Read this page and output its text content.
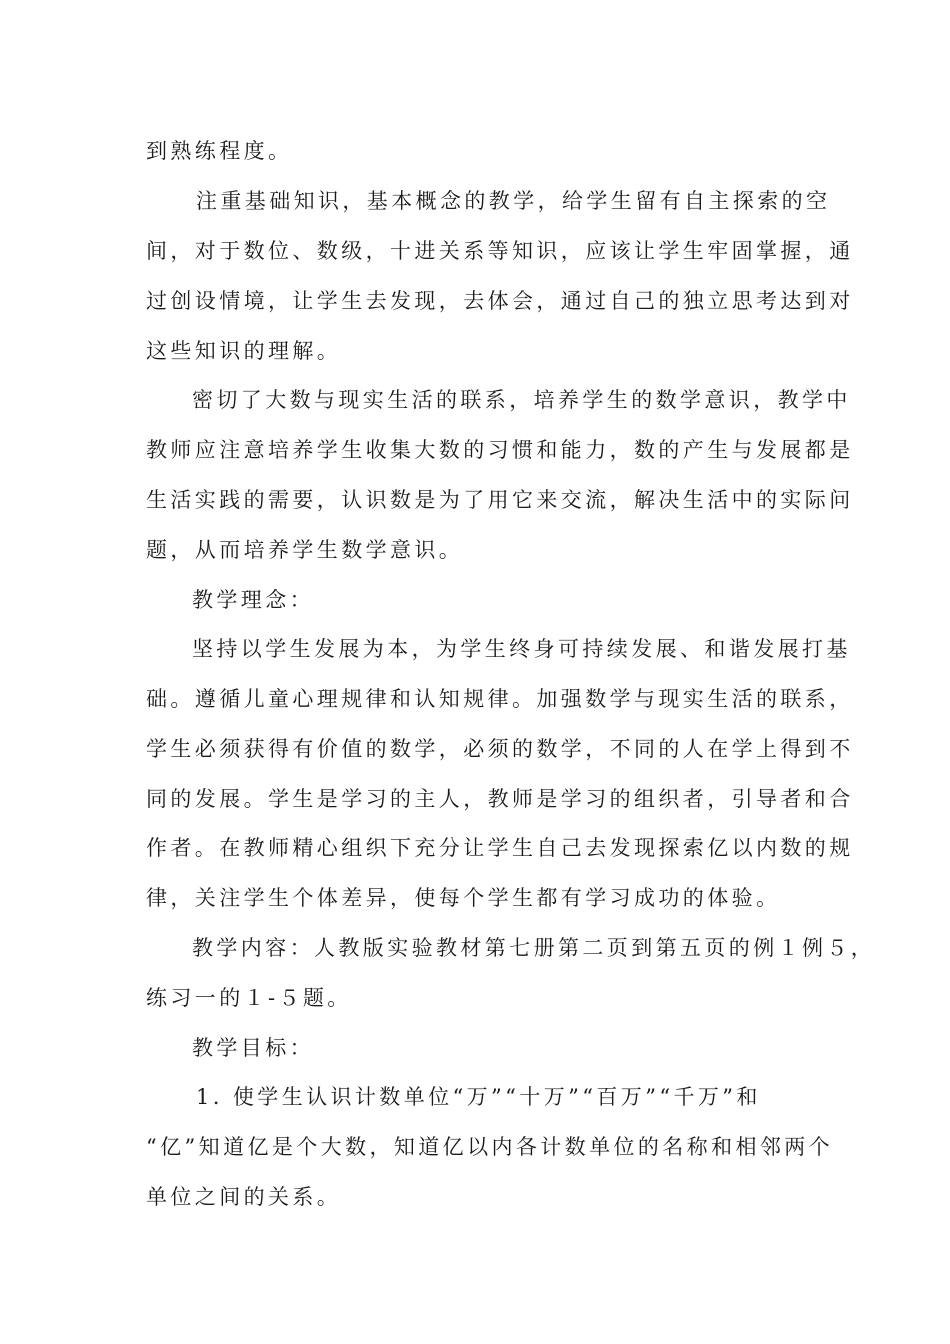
到熟练程度。
注重基础知识，基本概念的教学，给学生留有自主探索的空
间，对于数位、数级，十进关系等知识，应该让学生牢固掌握，通
过创设情境，让学生去发现，去体会，通过自己的独立思考达到对
这些知识的理解。
密切了大数与现实生活的联系，培养学生的数学意识，教学中
教师应注意培养学生收集大数的习惯和能力，数的产生与发展都是
生活实践的需要，认识数是为了用它来交流，解决生活中的实际问
题，从而培养学生数学意识。
教学理念：
坚持以学生发展为本，为学生终身可持续发展、和谐发展打基
础。遵循儿童心理规律和认知规律。加强数学与现实生活的联系，
学生必须获得有价值的数学，必须的数学，不同的人在学上得到不
同的发展。学生是学习的主人，教师是学习的组织者，引导者和合
作者。在教师精心组织下充分让学生自己去发现探索亿以内数的规
律，关注学生个体差异，使每个学生都有学习成功的体验。
教学内容：人教版实验教材第七册第二页到第五页的例１例５，
练习一的１-５题。
教学目标：
1. 使学生认识计数单位“万”“十万”“百万”“千万”和
“亿”知道亿是个大数，知道亿以内各计数单位的名称和相邻两个
单位之间的关系。
